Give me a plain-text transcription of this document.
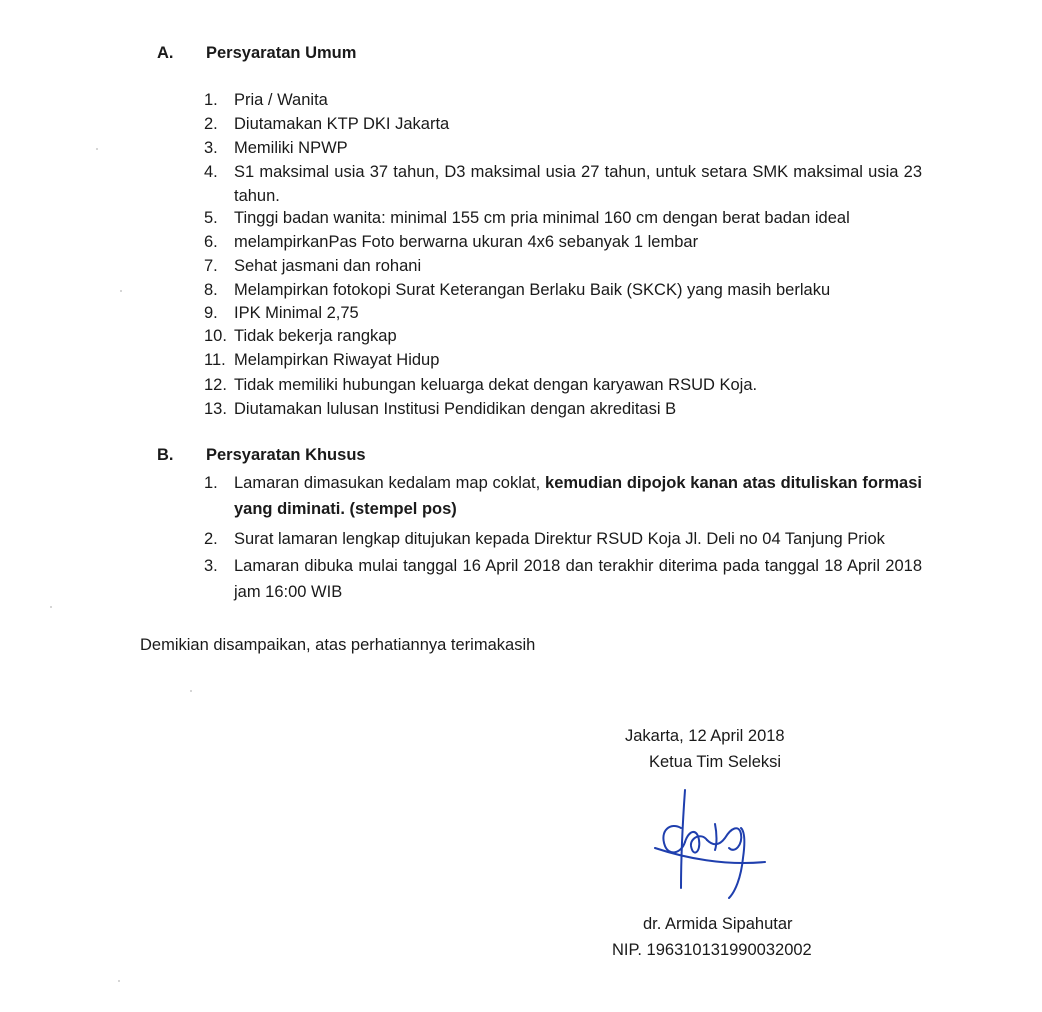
A. Persyaratan Umum
1. Pria / Wanita
2. Diutamakan KTP DKI Jakarta
3. Memiliki NPWP
4. S1 maksimal usia 37 tahun, D3 maksimal usia 27 tahun, untuk setara SMK maksimal usia 23 tahun.
5. Tinggi badan wanita: minimal 155 cm pria minimal 160 cm dengan berat badan ideal
6. melampirkanPas Foto berwarna ukuran 4x6 sebanyak 1 lembar
7. Sehat jasmani dan rohani
8. Melampirkan fotokopi Surat Keterangan Berlaku Baik (SKCK) yang masih berlaku
9. IPK Minimal 2,75
10. Tidak bekerja rangkap
11. Melampirkan Riwayat Hidup
12. Tidak memiliki hubungan keluarga dekat dengan karyawan RSUD Koja.
13. Diutamakan lulusan Institusi Pendidikan dengan akreditasi B
B. Persyaratan Khusus
1. Lamaran dimasukan kedalam map coklat, kemudian dipojok kanan atas dituliskan formasi yang diminati. (stempel pos)
2. Surat lamaran lengkap ditujukan kepada Direktur RSUD Koja Jl. Deli no 04 Tanjung Priok
3. Lamaran dibuka mulai tanggal 16 April 2018 dan terakhir diterima pada tanggal 18 April 2018 jam 16:00 WIB
Demikian disampaikan, atas perhatiannya terimakasih
Jakarta, 12 April 2018
Ketua Tim Seleksi
dr. Armida Sipahutar
NIP. 196310131990032002
